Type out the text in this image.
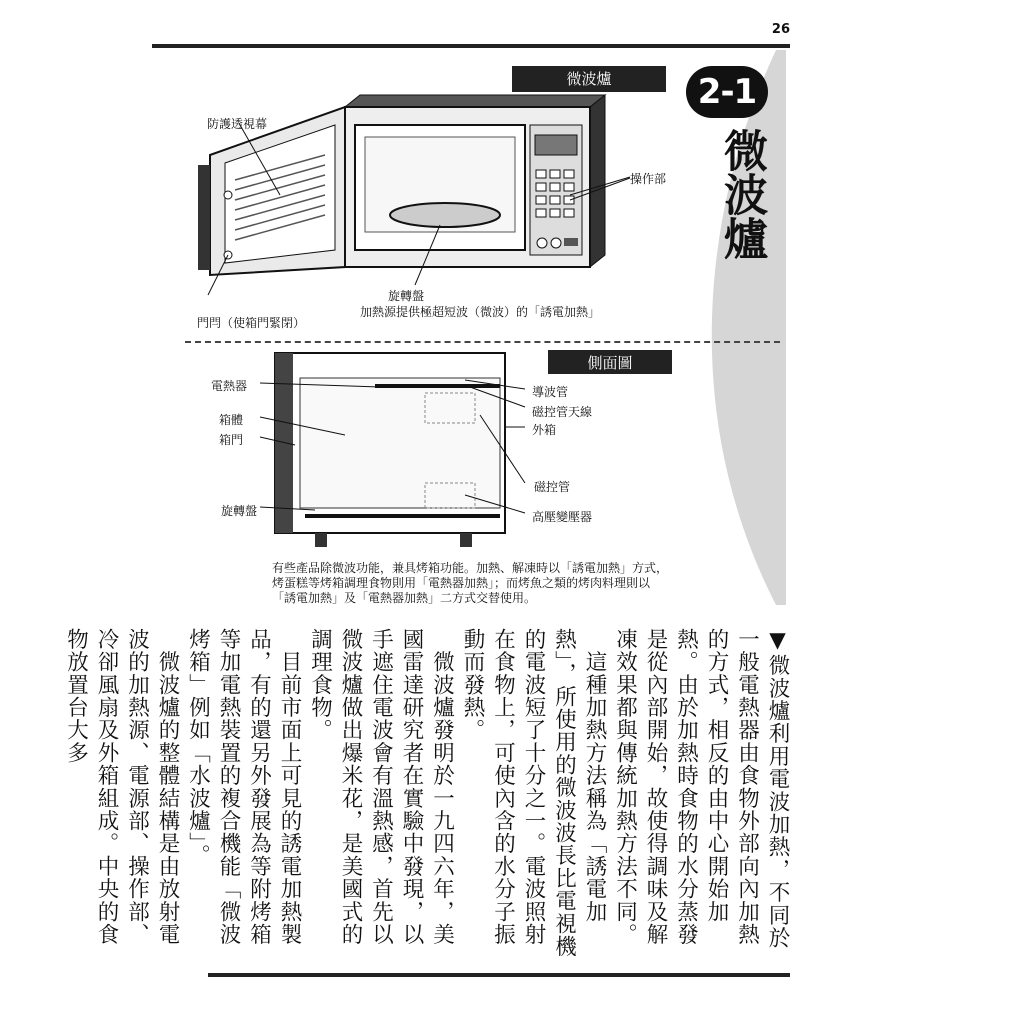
26
2-1
微波爐
微波爐
防護透視幕
操作部
旋轉盤
加熱源提供極超短波（微波）的「誘電加熱」
門閂（使箱門緊閉）
側面圖
電熱器
箱體
箱門
旋轉盤
導波管
磁控管天線
外箱
磁控管
高壓變壓器
有些產品除微波功能，兼具烤箱功能。加熱、解凍時以「誘電加熱」方式，
烤蛋糕等烤箱調理食物則用「電熱器加熱」；而烤魚之類的烤肉料理則以
「誘電加熱」及「電熱器加熱」二方式交替使用。

▼微波爐利用電波加熱，不同於一般電熱器由食物外部向內加熱的方式，相反的由中心開始加熱。由於加熱時食物的水分蒸發是從內部開始，故使得調味及解凍效果都與傳統加熱方法不同。

　這種加熱方法稱為「誘電加熱」，所使用的微波波長比電視機的電波短了十分之一。電波照射在食物上，可使內含的水分子振動而發熱。

　微波爐發明於一九四六年，美國雷達研究者在實驗中發現，以手遮住電波會有溫熱感，首先以微波爐做出爆米花，是美國式的調理食物。

　目前市面上可見的誘電加熱製品，有的還另外發展為等附烤箱等加電熱裝置的複合機能「微波烤箱」例如「水波爐」。

　微波爐的整體結構是由放射電波的加熱源、電源部、操作部、冷卻風扇及外箱組成。中央的食物放置台大多
